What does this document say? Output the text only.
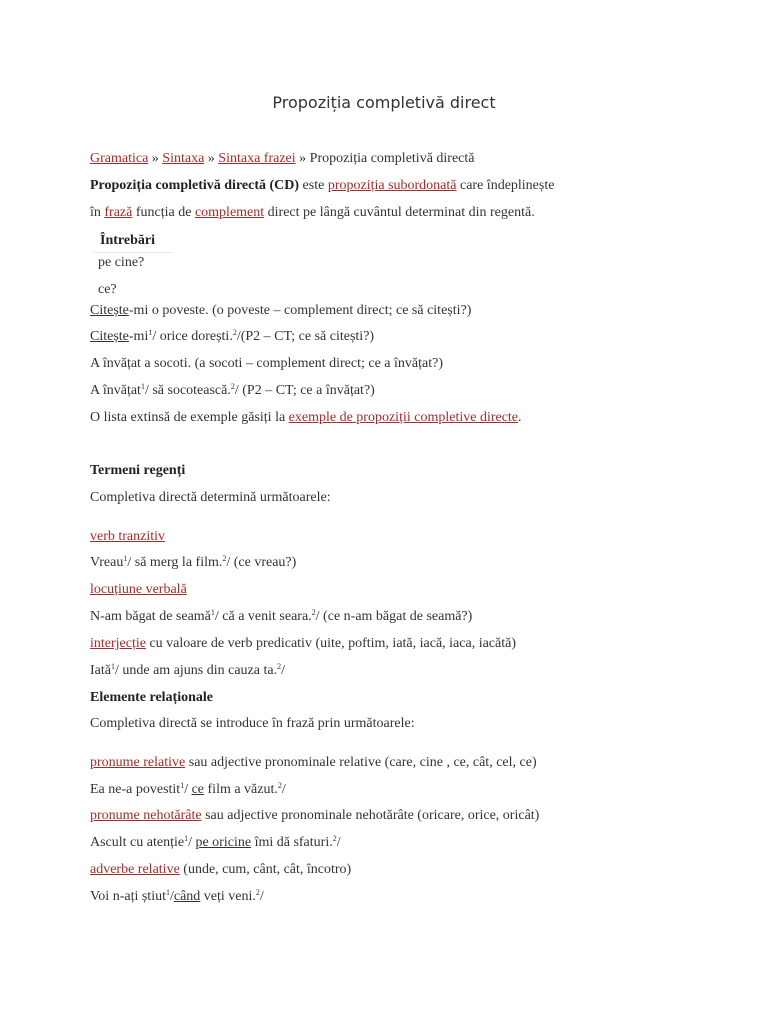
Propoziția completivă direct
Gramatica » Sintaxa » Sintaxa frazei » Propoziția completivă directă
Propoziția completivă directă (CD) este propoziția subordonată care îndeplinește
în frază funcția de complement direct pe lângă cuvântul determinat din regentă.
Întrebări
pe cine?
ce?
Citește-mi o poveste. (o poveste – complement direct; ce să citești?)
Citește-$mi^1/$ orice dorești.$^2$/(P2 – CT; ce să citești?)
A învățat a socoti. (a socoti – complement direct; ce a învățat?)
A învățat$^1$/ să socotească.$^2$/ (P2 – CT; ce a învățat?)
O lista extinsă de exemple găsiți la exemple de propoziții completive directe.
Termeni regenți
Completiva directă determină următoarele:
verb tranzitiv
Vreau$^1$/ să merg la film.$^2$/ (ce vreau?)
locuțiune verbală
N-am băgat de seamă$^1$/ că a venit seara.$^2$/ (ce n-am băgat de seamă?)
interjecție cu valoare de verb predicativ (uite, poftim, iată, iacă, iaca, iacătă)
Iată$^1$/ unde am ajuns din cauza ta.$^2$/
Elemente relaționale
Completiva directă se introduce în frază prin următoarele:
pronume relative sau adjective pronominale relative (care, cine , ce, cât, cel, ce)
Ea ne-a povestit$^1$/ ce film a văzut.$^2$/
pronume nehotărâte sau adjective pronominale nehotărâte (oricare, orice, oricât)
Ascult cu atenție$^1$/ pe oricine îmi dă sfaturi.$^2$/
adverbe relative (unde, cum, cânt, cât, încotro)
Voi n-ați știut$^1$/când veți veni.$^2$/
